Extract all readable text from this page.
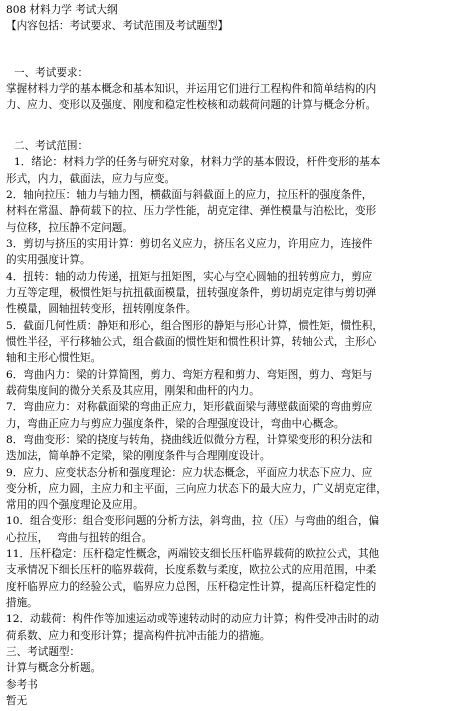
808 材料力学 考试大纲
【内容包括：考试要求、考试范围及考试题型】
一、考试要求：
掌握材料力学的基本概念和基本知识，并运用它们进行工程构件和简单结构的内
力、应力、变形以及强度、刚度和稳定性校核和动载荷问题的计算与概念分析。
二、考试范围：
1．绪论：材料力学的任务与研究对象，材料力学的基本假设，杆件变形的基本
形式，内力，截面法，应力与应变。
2．轴向拉压：轴力与轴力图，横截面与斜截面上的应力，拉压杆的强度条件，
材料在常温、静荷载下的拉、压力学性能，胡克定律、弹性模量与泊松比，变形
与位移，拉压静不定问题。
3．剪切与挤压的实用计算：剪切名义应力，挤压名义应力，许用应力，连接件
的实用强度计算。
4．扭转：轴的动力传递，扭矩与扭矩图，实心与空心圆轴的扭转剪应力，剪应
力互等定理，极惯性矩与抗扭截面模量，扭转强度条件，剪切胡克定律与剪切弹
性模量，圆轴扭转变形，扭转刚度条件。
5．截面几何性质：静矩和形心，组合图形的静矩与形心计算，惯性矩，惯性积，
惯性半径，平行移轴公式，组合截面的惯性矩和惯性积计算，转轴公式，主形心
轴和主形心惯性矩。
6．弯曲内力：梁的计算简图，剪力、弯矩方程和剪力、弯矩图，剪力、弯矩与
载荷集度间的微分关系及其应用，刚架和曲杆的内力。
7．弯曲应力：对称截面梁的弯曲正应力，矩形截面梁与薄壁截面梁的弯曲剪应
力，弯曲正应力与剪应力强度条件，梁的合理强度设计，弯曲中心概念。
8．弯曲变形：梁的挠度与转角，挠曲线近似微分方程，计算梁变形的积分法和
迭加法，简单静不定梁，梁的刚度条件与合理刚度设计。
9．应力、应变状态分析和强度理论：应力状态概念，平面应力状态下应力、应
变分析，应力圆，主应力和主平面，三向应力状态下的最大应力，广义胡克定律，
常用的四个强度理论及应用。
10．组合变形：组合变形问题的分析方法，斜弯曲，拉（压）与弯曲的组合，偏
心拉压，　 弯曲与扭转的组合。
11．压杆稳定：压杆稳定性概念，两端铰支细长压杆临界载荷的欧拉公式，其他
支承情况下细长压杆的临界载荷，长度系数与柔度，欧拉公式的应用范围，中柔
度杆临界应力的经验公式，临界应力总图，压杆稳定性计算，提高压杆稳定性的
措施。
12．动载荷：构件作等加速运动或等速转动时的动应力计算；构件受冲击时的动
荷系数、应力和变形计算；提高构件抗冲击能力的措施。
三、考试题型：
计算与概念分析题。
参考书
暂无
